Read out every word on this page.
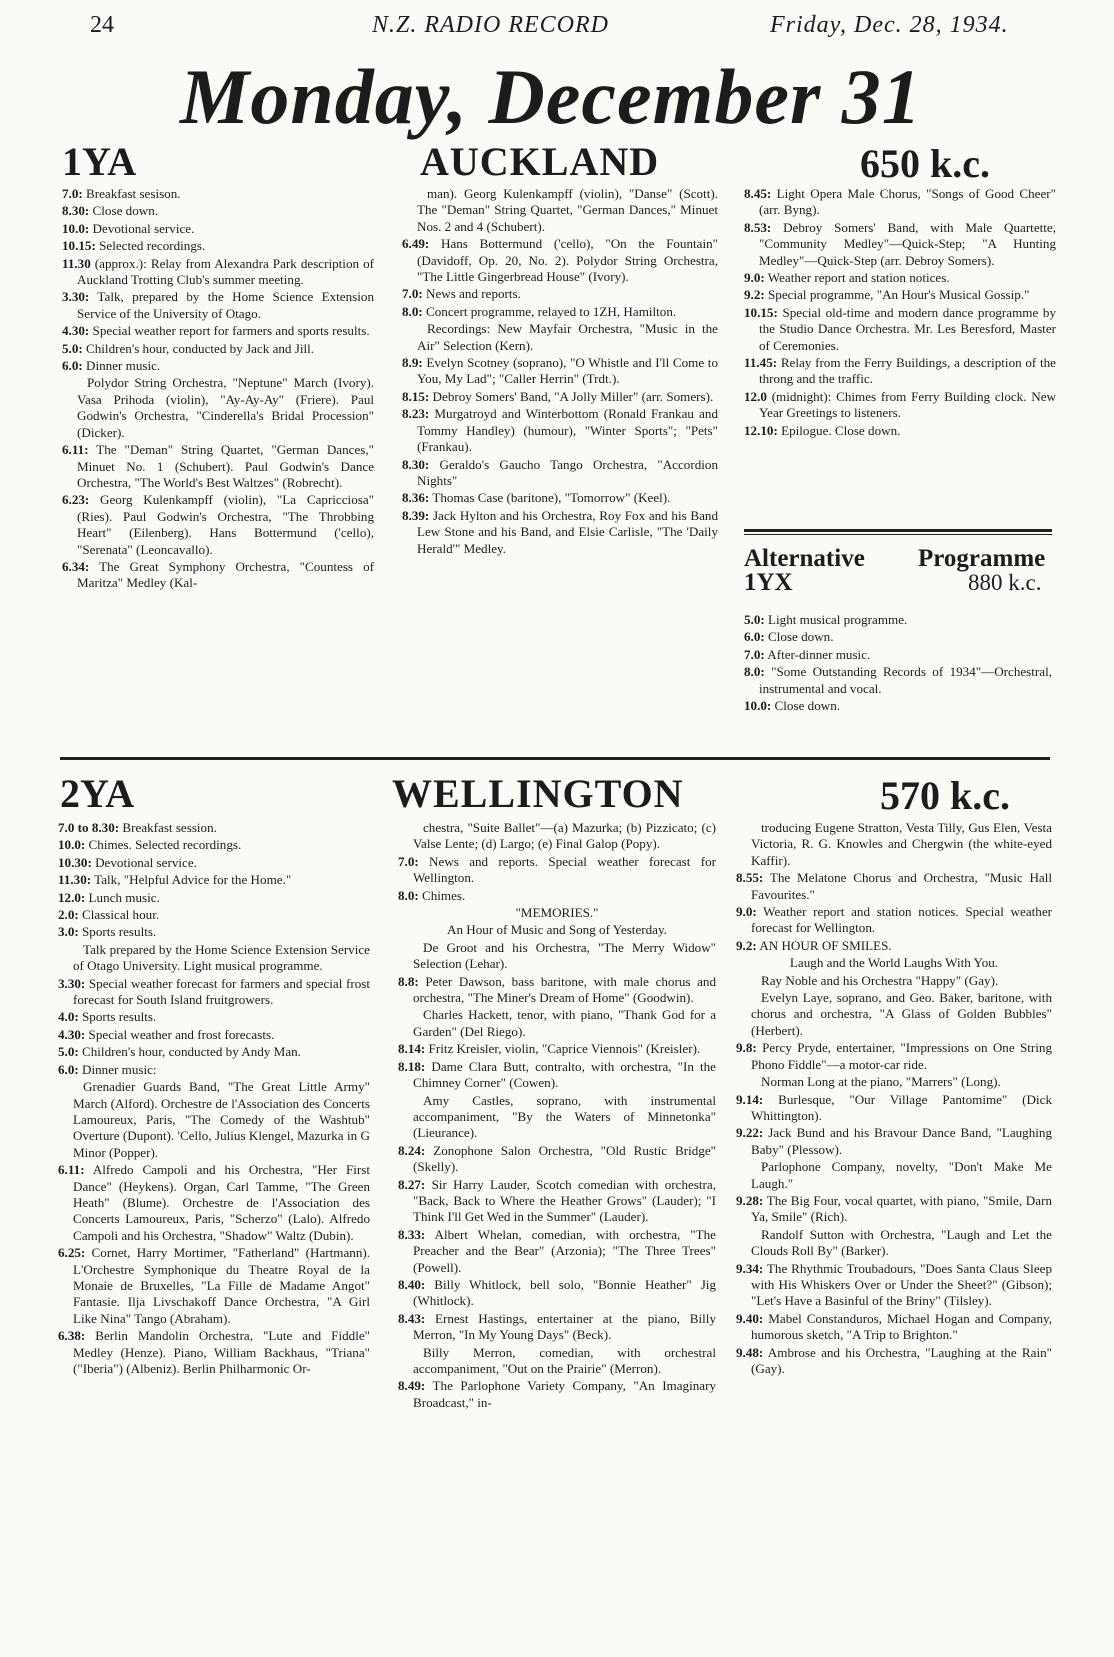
24	N.Z. RADIO RECORD	Friday, Dec. 28, 1934.
Monday, December 31
1YA	AUCKLAND	650 k.c.

7.0: Breakfast sesison.

8.30: Close down.

10.0: Devotional service.

10.15: Selected recordings.

11.30 (approx.): Relay from Alexandra Park description of Auckland Trotting Club's summer meeting.

3.30: Talk, prepared by the Home Science Extension Service of the University of Otago.

4.30: Special weather report for farmers and sports results.

5.0: Children's hour, conducted by Jack and Jill.

6.0: Dinner music.

Polydor String Orchestra, "Neptune" March (Ivory). Vasa Prihoda (violin), "Ay-Ay-Ay" (Friere). Paul Godwin's Orchestra, "Cinderella's Bridal Procession" (Dicker).

6.11: The "Deman" String Quartet, "German Dances," Minuet No. 1 (Schubert). Paul Godwin's Dance Orchestra, "The World's Best Waltzes" (Robrecht).

6.23: Georg Kulenkampff (violin), "La Capricciosa" (Ries). Paul Godwin's Orchestra, "The Throbbing Heart" (Eilenberg). Hans Bottermund ('cello), "Serenata" (Leoncavallo).

6.34: The Great Symphony Orchestra, "Countess of Maritza" Medley (Kal-

man). Georg Kulenkampff (violin), "Danse" (Scott). The "Deman" String Quartet, "German Dances," Minuet Nos. 2 and 4 (Schubert).

6.49: Hans Bottermund ('cello), "On the Fountain" (Davidoff, Op. 20, No. 2). Polydor String Orchestra, "The Little Gingerbread House" (Ivory).

7.0: News and reports.

8.0: Concert programme, relayed to 1ZH, Hamilton.

Recordings: New Mayfair Orchestra, "Music in the Air" Selection (Kern).

8.9: Evelyn Scotney (soprano), "O Whistle and I'll Come to You, My Lad"; "Caller Herrin" (Trdt.).

8.15: Debroy Somers' Band, "A Jolly Miller" (arr. Somers).

8.23: Murgatroyd and Winterbottom (Ronald Frankau and Tommy Handley) (humour), "Winter Sports"; "Pets" (Frankau).

8.30: Geraldo's Gaucho Tango Orchestra, "Accordion Nights"

8.36: Thomas Case (baritone), "Tomorrow" (Keel).

8.39: Jack Hylton and his Orchestra, Roy Fox and his Band Lew Stone and his Band, and Elsie Carlisle, "The 'Daily Herald'" Medley.

8.45: Light Opera Male Chorus, "Songs of Good Cheer" (arr. Byng).

8.53: Debroy Somers' Band, with Male Quartette, "Community Medley"—Quick-Step; "A Hunting Medley"—Quick-Step (arr. Debroy Somers).

9.0: Weather report and station notices.

9.2: Special programme, "An Hour's Musical Gossip."

10.15: Special old-time and modern dance programme by the Studio Dance Orchestra. Mr. Les Beresford, Master of Ceremonies.

11.45: Relay from the Ferry Buildings, a description of the throng and the traffic.

12.0 (midnight): Chimes from Ferry Building clock. New Year Greetings to listeners.

12.10: Epilogue. Close down.

Alternative Programme
1YX	880 k.c.

5.0: Light musical programme.

6.0: Close down.

7.0: After-dinner music.

8.0: "Some Outstanding Records of 1934"—Orchestral, instrumental and vocal.

10.0: Close down.

2YA	WELLINGTON	570 k.c.

7.0 to 8.30: Breakfast session.

10.0: Chimes. Selected recordings.

10.30: Devotional service.

11.30: Talk, "Helpful Advice for the Home."

12.0: Lunch music.

2.0: Classical hour.

3.0: Sports results.

Talk prepared by the Home Science Extension Service of Otago University. Light musical programme.

3.30: Special weather forecast for farmers and special frost forecast for South Island fruitgrowers.

4.0: Sports results.

4.30: Special weather and frost forecasts.

5.0: Children's hour, conducted by Andy Man.

6.0: Dinner music:

Grenadier Guards Band, "The Great Little Army" March (Alford). Orchestre de l'Association des Concerts Lamoureux, Paris, "The Comedy of the Washtub" Overture (Dupont). 'Cello, Julius Klengel, Mazurka in G Minor (Popper).

6.11: Alfredo Campoli and his Orchestra, "Her First Dance" (Heykens). Organ, Carl Tamme, "The Green Heath" (Blume). Orchestre de l'Association des Concerts Lamoureux, Paris, "Scherzo" (Lalo). Alfredo Campoli and his Orchestra, "Shadow" Waltz (Dubin).

6.25: Cornet, Harry Mortimer, "Fatherland" (Hartmann). L'Orchestre Symphonique du Theatre Royal de la Monaie de Bruxelles, "La Fille de Madame Angot" Fantasie. Ilja Livschakoff Dance Orchestra, "A Girl Like Nina" Tango (Abraham).

6.38: Berlin Mandolin Orchestra, "Lute and Fiddle" Medley (Henze). Piano, William Backhaus, "Triana" ("Iberia") (Albeniz). Berlin Philharmonic Or-

chestra, "Suite Ballet"—(a) Mazurka; (b) Pizzicato; (c) Valse Lente; (d) Largo; (e) Final Galop (Popy).

7.0: News and reports. Special weather forecast for Wellington.

8.0: Chimes.

"MEMORIES."

An Hour of Music and Song of Yesterday.

De Groot and his Orchestra, "The Merry Widow" Selection (Lehar).

8.8: Peter Dawson, bass baritone, with male chorus and orchestra, "The Miner's Dream of Home" (Goodwin).

Charles Hackett, tenor, with piano, "Thank God for a Garden" (Del Riego).

8.14: Fritz Kreisler, violin, "Caprice Viennois" (Kreisler).

8.18: Dame Clara Butt, contralto, with orchestra, "In the Chimney Corner" (Cowen).

Amy Castles, soprano, with instrumental accompaniment, "By the Waters of Minnetonka" (Lieurance).

8.24: Zonophone Salon Orchestra, "Old Rustic Bridge" (Skelly).

8.27: Sir Harry Lauder, Scotch comedian with orchestra, "Back, Back to Where the Heather Grows" (Lauder); "I Think I'll Get Wed in the Summer" (Lauder).

8.33: Albert Whelan, comedian, with orchestra, "The Preacher and the Bear" (Arzonia); "The Three Trees" (Powell).

8.40: Billy Whitlock, bell solo, "Bonnie Heather" Jig (Whitlock).

8.43: Ernest Hastings, entertainer at the piano, Billy Merron, "In My Young Days" (Beck).

Billy Merron, comedian, with orchestral accompaniment, "Out on the Prairie" (Merron).

8.49: The Parlophone Variety Company, "An Imaginary Broadcast," in-

troducing Eugene Stratton, Vesta Tilly, Gus Elen, Vesta Victoria, R. G. Knowles and Chergwin (the white-eyed Kaffir).

8.55: The Melatone Chorus and Orchestra, "Music Hall Favourites."

9.0: Weather report and station notices. Special weather forecast for Wellington.

9.2: AN HOUR OF SMILES.

Laugh and the World Laughs With You.

Ray Noble and his Orchestra "Happy" (Gay).

Evelyn Laye, soprano, and Geo. Baker, baritone, with chorus and orchestra, "A Glass of Golden Bubbles" (Herbert).

9.8: Percy Pryde, entertainer, "Impressions on One String Phono Fiddle"—a motor-car ride.

Norman Long at the piano, "Marrers" (Long).

9.14: Burlesque, "Our Village Pantomime" (Dick Whittington).

9.22: Jack Bund and his Bravour Dance Band, "Laughing Baby" (Plessow).

Parlophone Company, novelty, "Don't Make Me Laugh."

9.28: The Big Four, vocal quartet, with piano, "Smile, Darn Ya, Smile" (Rich).

Randolf Sutton with Orchestra, "Laugh and Let the Clouds Roll By" (Barker).

9.34: The Rhythmic Troubadours, "Does Santa Claus Sleep with His Whiskers Over or Under the Sheet?" (Gibson); "Let's Have a Basinful of the Briny" (Tilsley).

9.40: Mabel Constanduros, Michael Hogan and Company, humorous sketch, "A Trip to Brighton."

9.48: Ambrose and his Orchestra, "Laughing at the Rain" (Gay).
